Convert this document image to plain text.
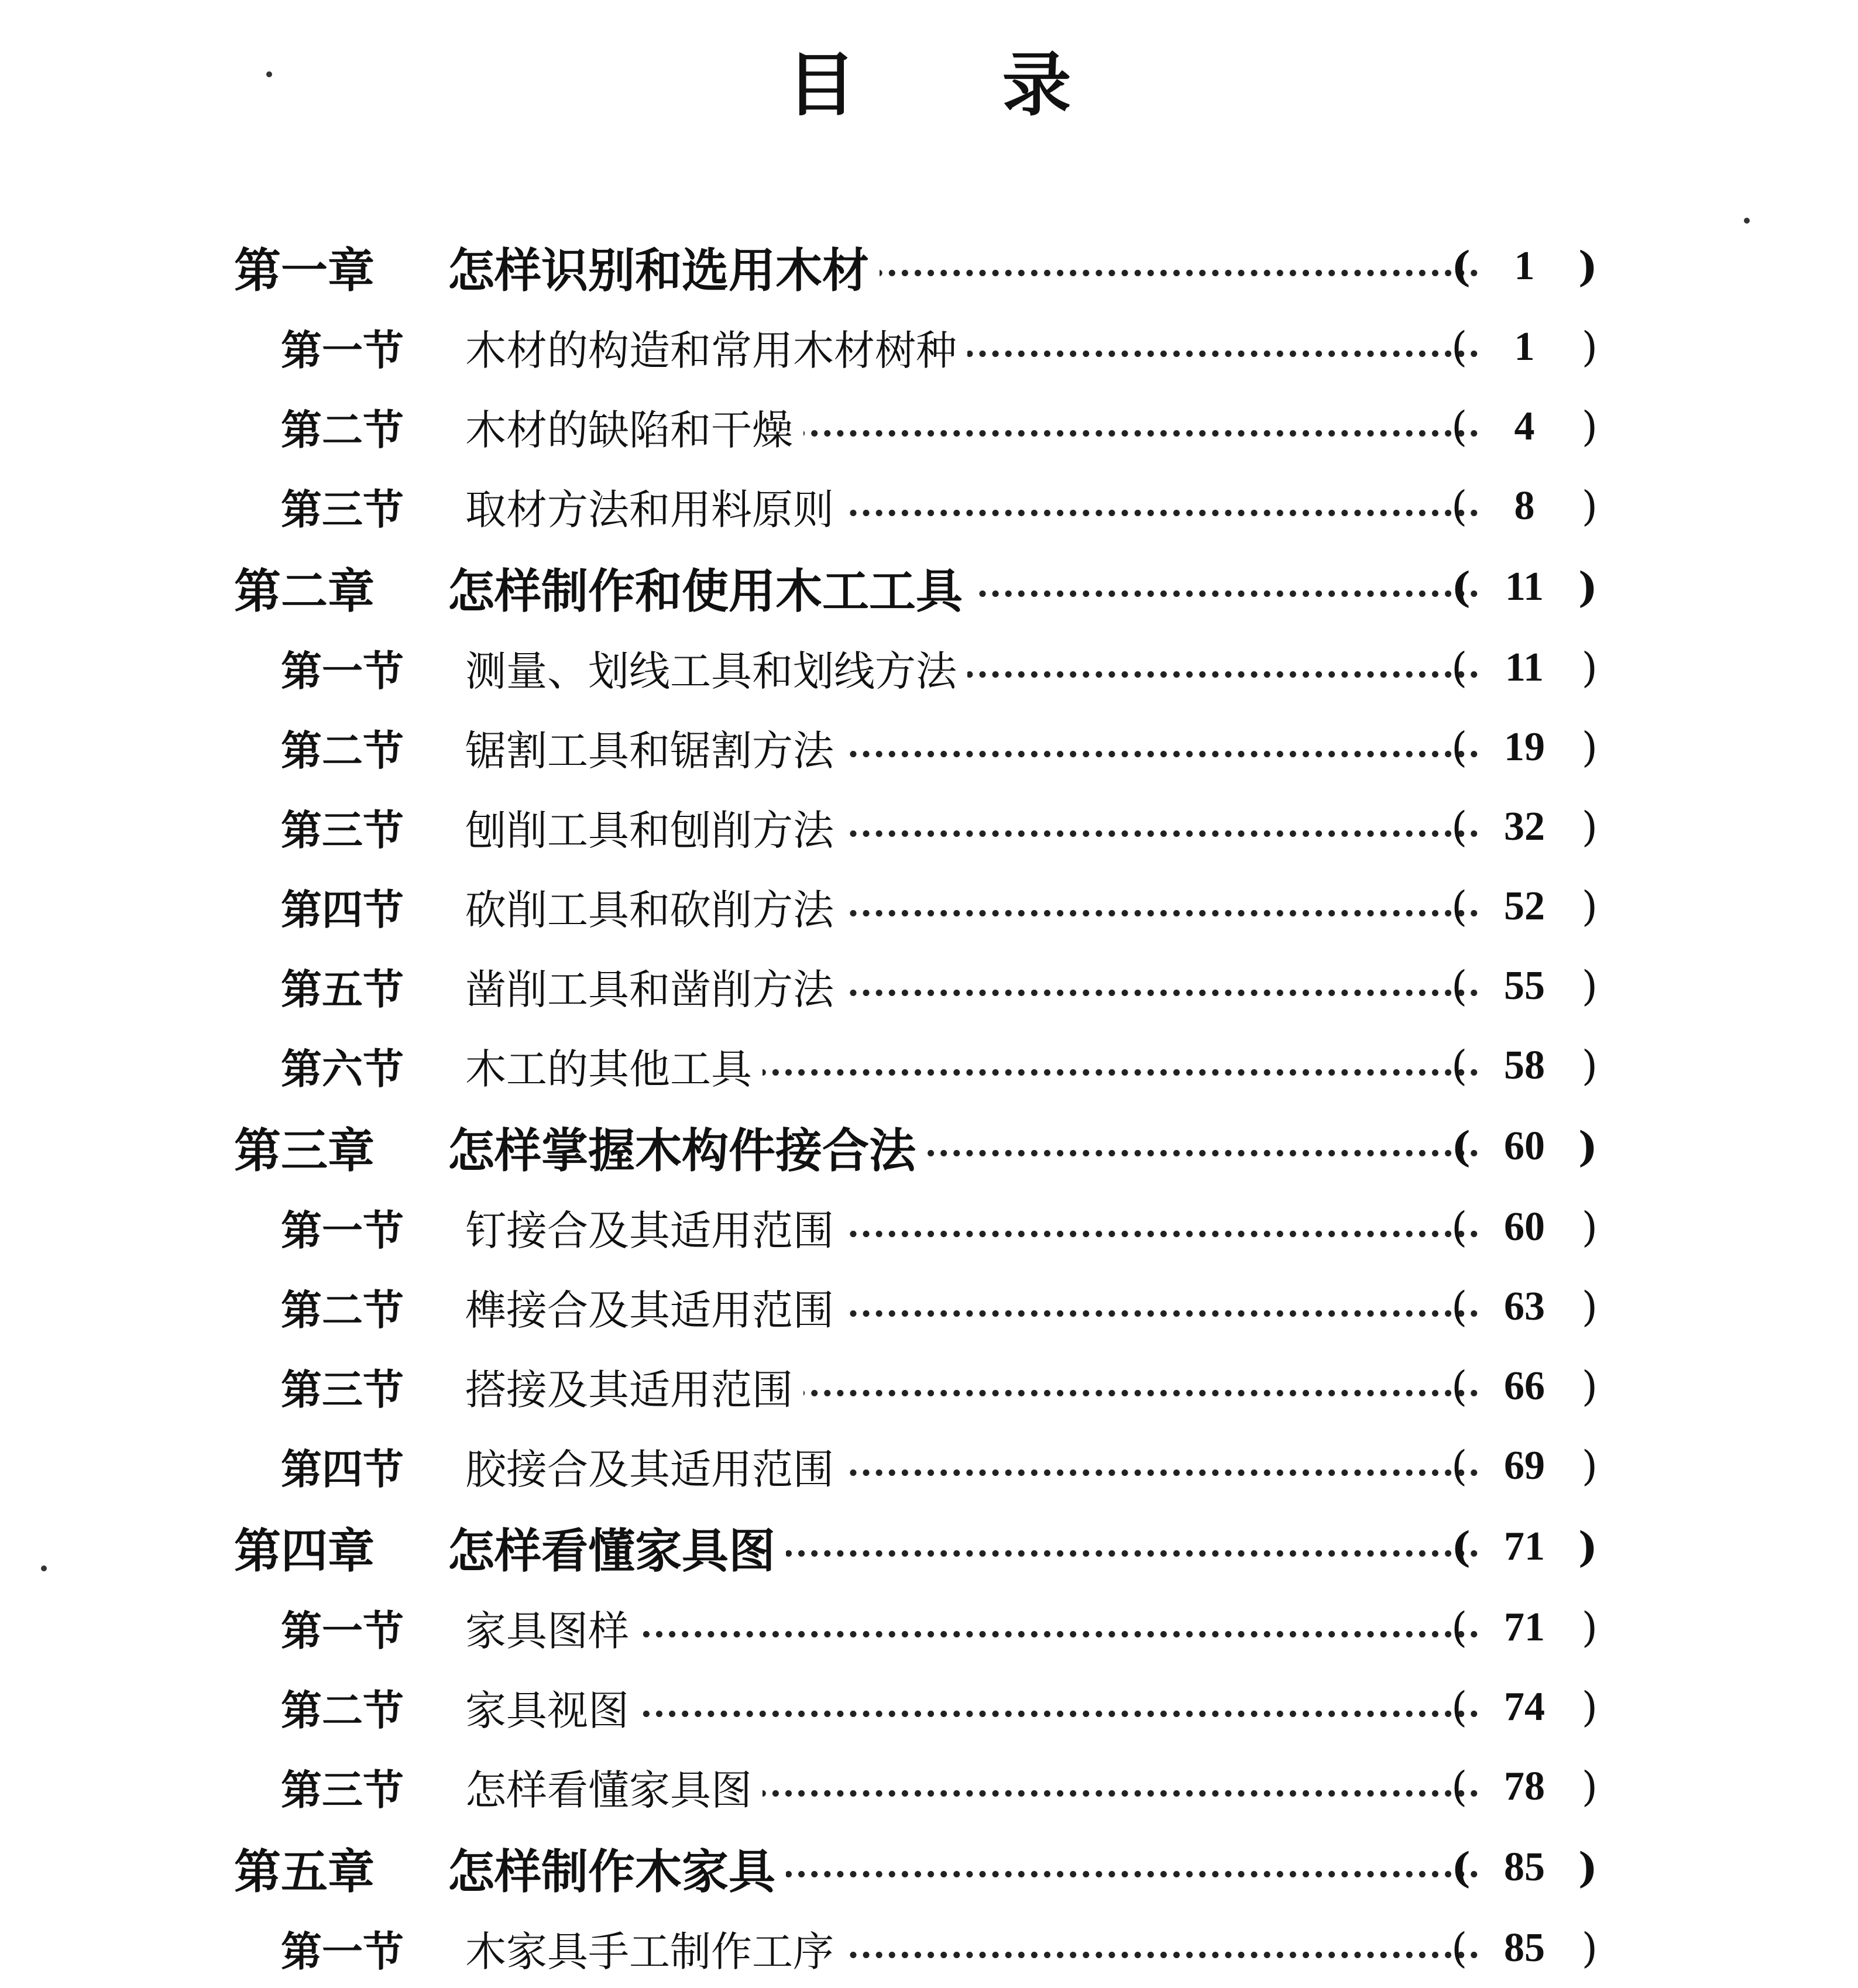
目 录
第一章 怎样识别和选用木材	( 1 )
第一节 木材的构造和常用木材树种	( 1 )
第二节 木材的缺陷和干燥	( 4 )
第三节 取材方法和用料原则	( 8 )
第二章 怎样制作和使用木工工具	( 11 )
第一节 测量、划线工具和划线方法	( 11 )
第二节 锯割工具和锯割方法	( 19 )
第三节 刨削工具和刨削方法	( 32 )
第四节 砍削工具和砍削方法	( 52 )
第五节 凿削工具和凿削方法	( 55 )
第六节 木工的其他工具	( 58 )
第三章 怎样掌握木构件接合法	( 60 )
第一节 钉接合及其适用范围	( 60 )
第二节 榫接合及其适用范围	( 63 )
第三节 搭接及其适用范围	( 66 )
第四节 胶接合及其适用范围	( 69 )
第四章 怎样看懂家具图	( 71 )
第一节 家具图样	( 71 )
第二节 家具视图	( 74 )
第三节 怎样看懂家具图	( 78 )
第五章 怎样制作木家具	( 85 )
第一节 木家具手工制作工序	( 85 )
